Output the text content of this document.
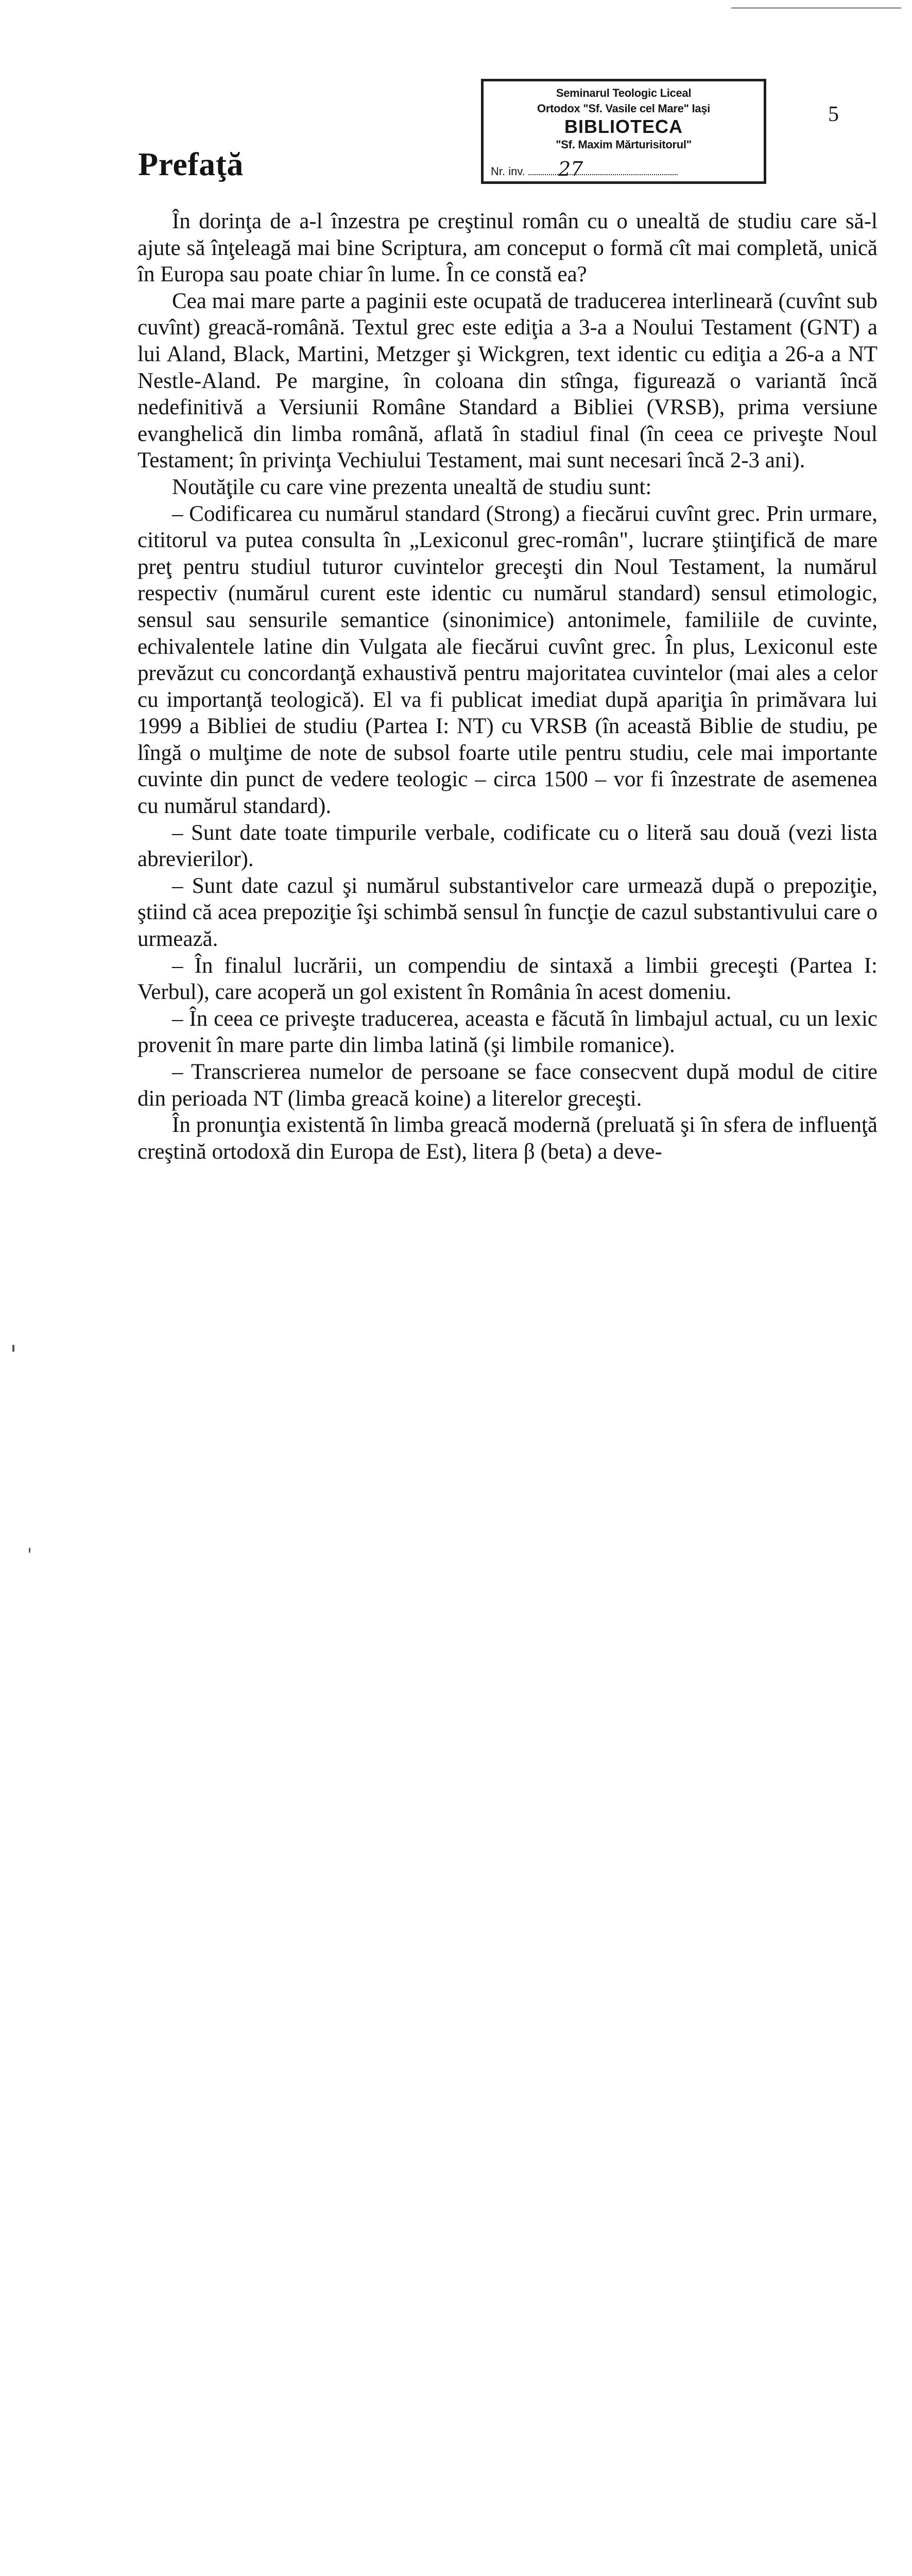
Seminarul Teologic Liceal
Ortodox "Sf. Vasile cel Mare" Iaşi
BIBLIOTECA
"Sf. Maxim Mărturisitorul"
Nr. inv.	27
5
Prefaţă

În dorinţa de a-l înzestra pe creştinul român cu o unealtă de studiu care să-l ajute să înţeleagă mai bine Scriptura, am conceput o formă cît mai completă, unică în Europa sau poate chiar în lume. În ce constă ea?

Cea mai mare parte a paginii este ocupată de traducerea interlineară (cuvînt sub cuvînt) greacă-română. Textul grec este ediţia a 3-a a Noului Testament (GNT) a lui Aland, Black, Martini, Metzger şi Wickgren, text identic cu ediţia a 26-a a NT Nestle-Aland. Pe margine, în coloana din stînga, figurează o variantă încă nedefinitivă a Versiunii Române Standard a Bibliei (VRSB), prima versiune evanghelică din limba română, aflată în stadiul final (în ceea ce priveşte Noul Testament; în privinţa Vechiului Testament, mai sunt necesari încă 2-3 ani).

Noutăţile cu care vine prezenta unealtă de studiu sunt:

– Codificarea cu numărul standard (Strong) a fiecărui cuvînt grec. Prin urmare, cititorul va putea consulta în „Lexiconul grec-român", lucrare ştiinţifică de mare preţ pentru studiul tuturor cuvintelor greceşti din Noul Testament, la numărul respectiv (numărul curent este identic cu numărul standard) sensul etimologic, sensul sau sensurile semantice (sinonimice) antonimele, familiile de cuvinte, echivalentele latine din Vulgata ale fiecărui cuvînt grec. În plus, Lexiconul este prevăzut cu concordanţă exhaustivă pentru majoritatea cuvintelor (mai ales a celor cu importanţă teologică). El va fi publicat imediat după apariţia în primăvara lui 1999 a Bibliei de studiu (Partea I: NT) cu VRSB (în această Biblie de studiu, pe lîngă o mulţime de note de subsol foarte utile pentru studiu, cele mai importante cuvinte din punct de vedere teologic – circa 1500 – vor fi înzestrate de asemenea cu numărul standard).

– Sunt date toate timpurile verbale, codificate cu o literă sau două (vezi lista abrevierilor).

– Sunt date cazul şi numărul substantivelor care urmează după o prepoziţie, ştiind că acea prepoziţie îşi schimbă sensul în funcţie de cazul substantivului care o urmează.

– În finalul lucrării, un compendiu de sintaxă a limbii greceşti (Partea I: Verbul), care acoperă un gol existent în România în acest domeniu.

– În ceea ce priveşte traducerea, aceasta e făcută în limbajul actual, cu un lexic provenit în mare parte din limba latină (şi limbile romanice).

– Transcrierea numelor de persoane se face consecvent după modul de citire din perioada NT (limba greacă koine) a literelor greceşti.

În pronunţia existentă în limba greacă modernă (preluată şi în sfera de influenţă creştină ortodoxă din Europa de Est), litera β (beta) a deve-
